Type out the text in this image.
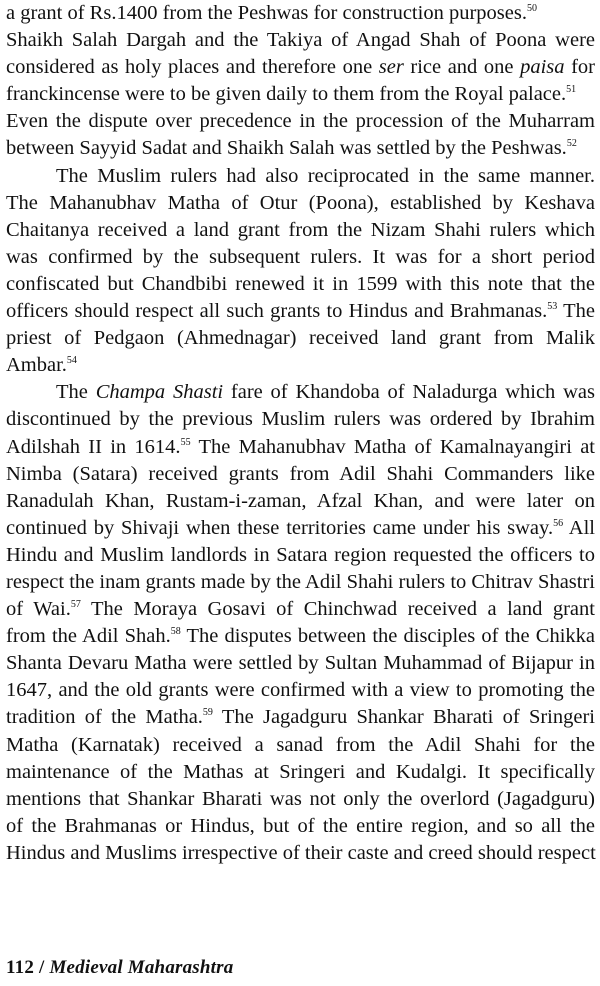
a grant of Rs.1400 from the Peshwas for construction purposes.$^{50}$
Shaikh Salah Dargah and the Takiya of Angad Shah of Poona were
considered as holy places and therefore one ser rice and one paisa for
franckincense were to be given daily to them from the Royal palace.$^{51}$
Even the dispute over precedence in the procession of the Muharram
between Sayyid Sadat and Shaikh Salah was settled by the Peshwas.$^{52}$
The Muslim rulers had also reciprocated in the same manner.
The Mahanubhav Matha of Otur (Poona), established by Keshava
Chaitanya received a land grant from the Nizam Shahi rulers which
was confirmed by the subsequent rulers. It was for a short period
confiscated but Chandbibi renewed it in 1599 with this note that the
officers should respect all such grants to Hindus and Brahmanas.$^{53}$ The
priest of Pedgaon (Ahmednagar) received land grant from Malik
Ambar.$^{54}$
The Champa Shasti fare of Khandoba of Naladurga which was
discontinued by the previous Muslim rulers was ordered by Ibrahim
Adilshah II in 1614.55 The Mahanubhav Matha of Kamalnayangiri at
Nimba (Satara) received grants from Adil Shahi Commanders like
Ranadulah Khan, Rustam-i-zaman, Afzal Khan, and were later on
continued by Shivaji when these territories came under his sway.$^{56}$ All
Hindu and Muslim landlords in Satara region requested the officers to
respect the inam grants made by the Adil Shahi rulers to Chitrav Shastri
of Wai.$^{57}$ The Moraya Gosavi of Chinchwad received a land grant
from the Adil Shah.$^{58}$ The disputes between the disciples of the Chikka
Shanta Devaru Matha were settled by Sultan Muhammad of Bijapur in
1647, and the old grants were confirmed with a view to promoting the
tradition of the Matha.$^{59}$ The Jagadguru Shankar Bharati of Sringeri
Matha (Karnatak) received a sanad from the Adil Shahi for the
maintenance of the Mathas at Sringeri and Kudalgi. It specifically
mentions that Shankar Bharati was not only the overlord (Jagadguru)
of the Brahmanas or Hindus, but of the entire region, and so all the
Hindus and Muslims irrespective of their caste and creed should respect
112 / Medieval Maharashtra
